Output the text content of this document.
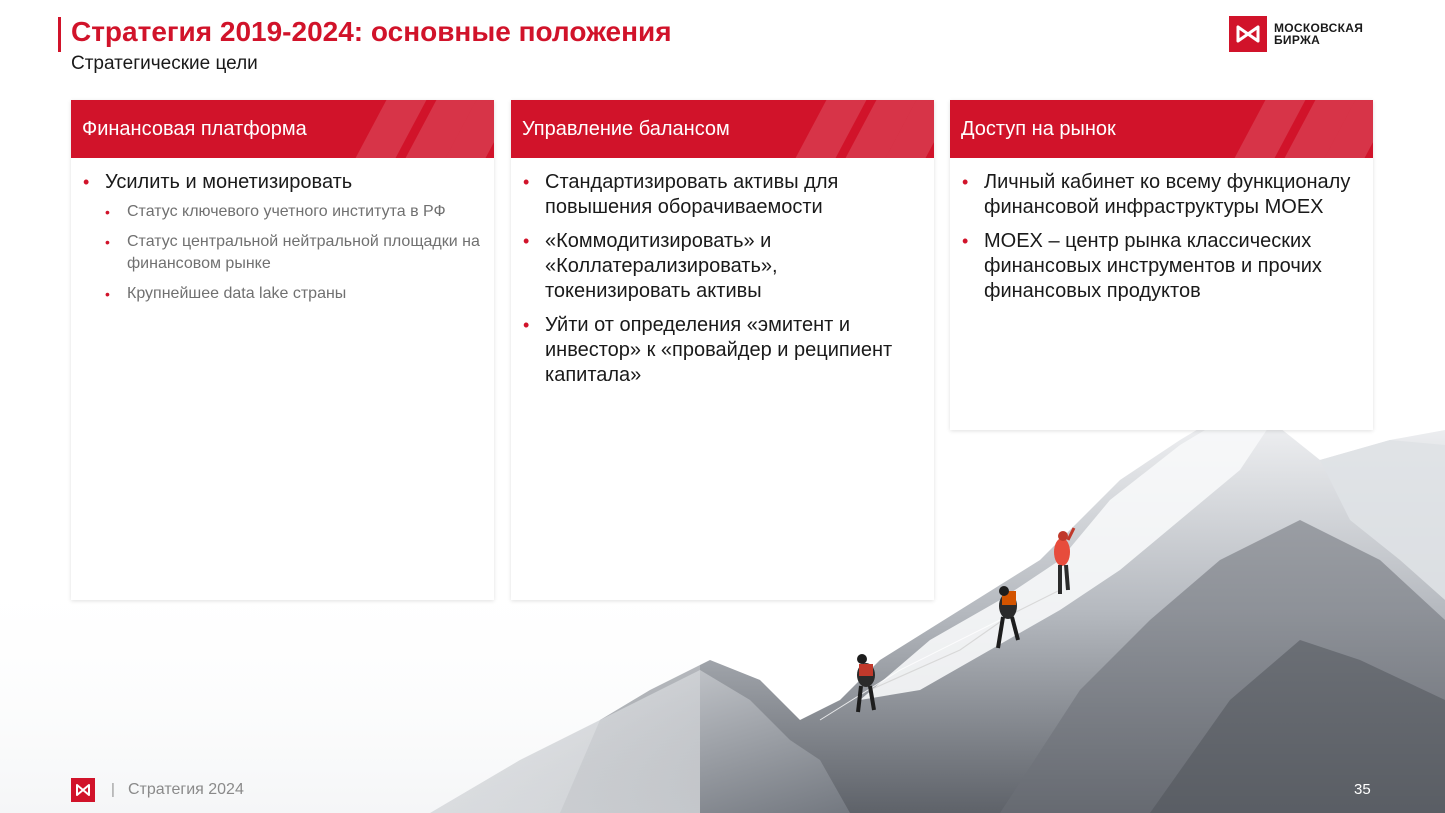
Стратегия 2019-2024: основные положения
Стратегические цели
МОСКОВСКАЯ
БИРЖА
Финансовая платформа
• Усилить и монетизировать
• Статус ключевого учетного института в РФ
• Статус центральной нейтральной площадки на финансовом рынке
• Крупнейшее data lake страны
Управление балансом
• Стандартизировать активы для повышения оборачиваемости
• «Коммодитизировать» и «Коллатерализировать», токенизировать активы
• Уйти от определения «эмитент и инвестор» к «провайдер и реципиент капитала»
Доступ на рынок
• Личный кабинет ко всему функционалу финансовой инфраструктуры MOEX
• MOEX – центр рынка классических финансовых инструментов и прочих финансовых продуктов
| Стратегия 2024	35
